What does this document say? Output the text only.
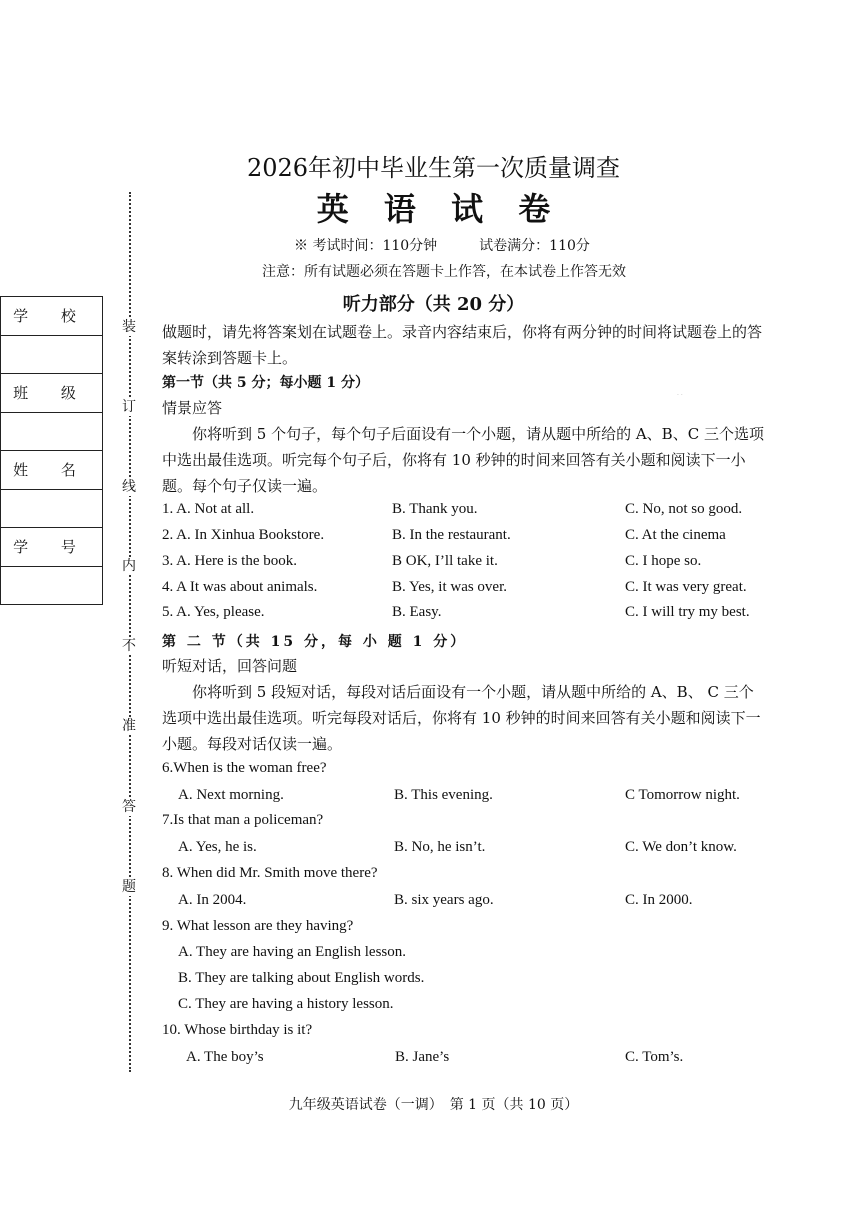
2026年初中毕业生第一次质量调查
英 语 试 卷
※ 考试时间：110分钟	试卷满分：110分
注意：所有试题必须在答题卡上作答，在本试卷上作答无效
听力部分（共 20 分）
学 校

班 级

姓 名

学 号

装
订
线
内
不
准
答
题
做题时，请先将答案划在试题卷上。录音内容结束后，你将有两分钟的时间将试题卷上的答案转涂到答题卡上。
第一节（共 5 分；每小题 1 分）
情景应答
你将听到 5 个句子，每个句子后面设有一个小题，请从题中所给的 A、B、C 三个选项中选出最佳选项。听完每个句子后，你将有 10 秒钟的时间来回答有关小题和阅读下一小题。每个句子仅读一遍。
1. A. Not at all.	B. Thank you.	C. No, not so good.
2. A. In Xinhua Bookstore.	B. In the restaurant.	C. At the cinema
3. A. Here is the book.	B OK, I’ll take it.	C. I hope so.
4. A It was about animals.	B. Yes, it was over.	C. It was very great.
5. A. Yes, please.	B. Easy.	C. I will try my best.
第 二 节（共 15 分，每 小 题 1 分）
听短对话，回答问题
你将听到 5 段短对话，每段对话后面设有一个小题，请从题中所给的 A、B、 C 三个选项中选出最佳选项。听完每段对话后，你将有 10 秒钟的时间来回答有关小题和阅读下一小题。每段对话仅读一遍。
6.When is the woman free?
A. Next morning.	B. This evening.	C Tomorrow night.
7.Is that man a policeman?
A. Yes, he is.	B. No, he isn’t.	C. We don’t know.
8. When did Mr. Smith move there?
A. In 2004.	B. six years ago.	C. In 2000.
9. What lesson are they having?
A. They are having an English lesson.
B. They are talking about English words.
C. They are having a history lesson.
10. Whose birthday is it?
A. The boy’s	B. Jane’s	C. Tom’s.
九年级英语试卷（一调）　第 1 页（共 10 页）
· ·
